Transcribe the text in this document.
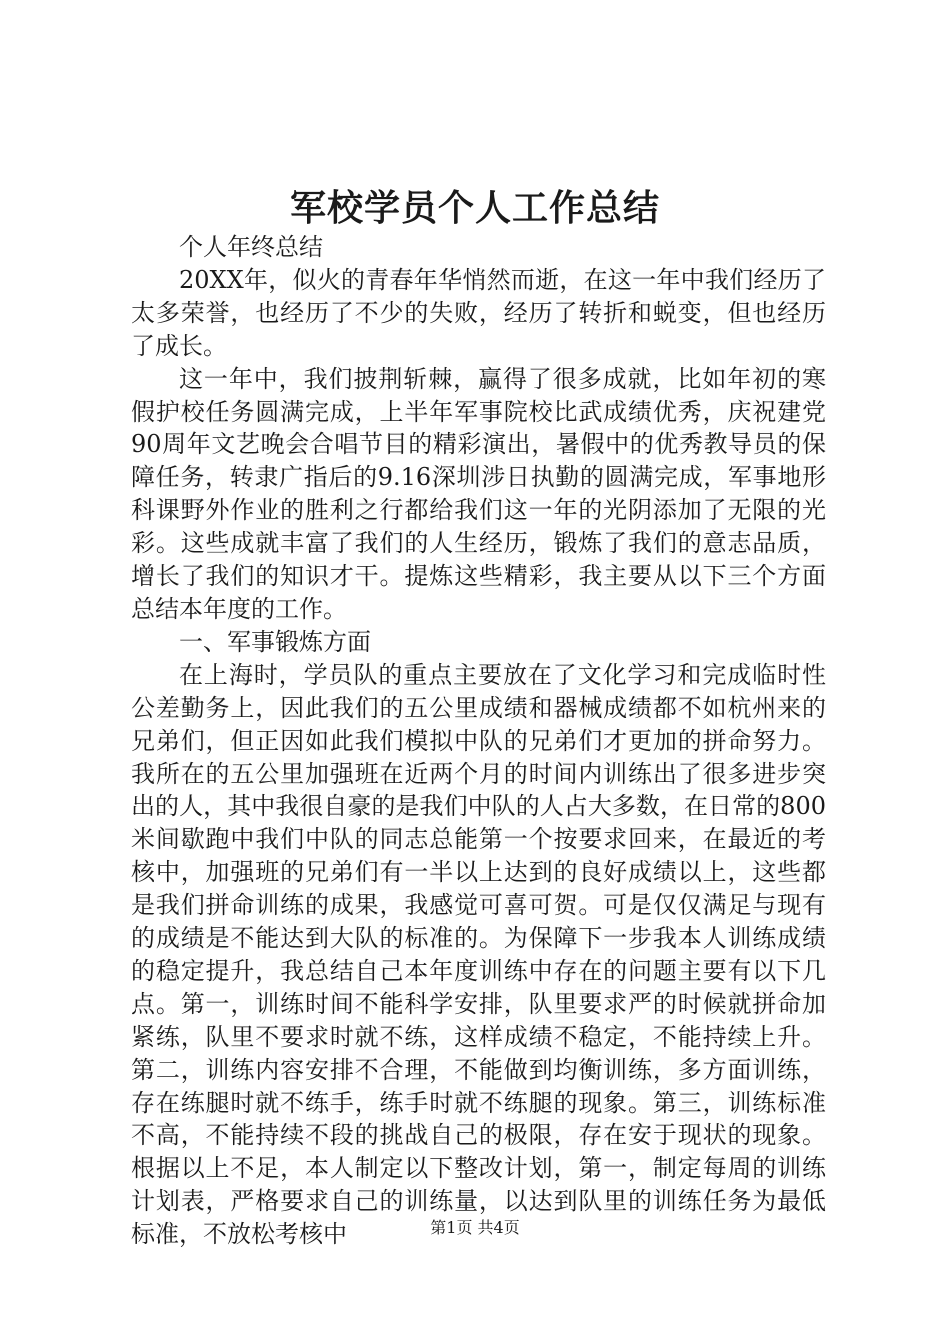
军校学员个人工作总结

个人年终总结

20XX年，似火的青春年华悄然而逝，在这一年中我们经历了太多荣誉，也经历了不少的失败，经历了转折和蜕变，但也经历了成长。

这一年中，我们披荆斩棘，赢得了很多成就，比如年初的寒假护校任务圆满完成，上半年军事院校比武成绩优秀，庆祝建党90周年文艺晚会合唱节目的精彩演出，暑假中的优秀教导员的保障任务，转隶广指后的9.16深圳涉日执勤的圆满完成，军事地形科课野外作业的胜利之行都给我们这一年的光阴添加了无限的光彩。这些成就丰富了我们的人生经历，锻炼了我们的意志品质，增长了我们的知识才干。提炼这些精彩，我主要从以下三个方面总结本年度的工作。

一、军事锻炼方面

在上海时，学员队的重点主要放在了文化学习和完成临时性公差勤务上，因此我们的五公里成绩和器械成绩都不如杭州来的兄弟们，但正因如此我们模拟中队的兄弟们才更加的拼命努力。我所在的五公里加强班在近两个月的时间内训练出了很多进步突出的人，其中我很自豪的是我们中队的人占大多数，在日常的800米间歇跑中我们中队的同志总能第一个按要求回来，在最近的考核中，加强班的兄弟们有一半以上达到的良好成绩以上，这些都是我们拼命训练的成果，我感觉可喜可贺。可是仅仅满足与现有的成绩是不能达到大队的标准的。为保障下一步我本人训练成绩的稳定提升，我总结自己本年度训练中存在的问题主要有以下几点。第一，训练时间不能科学安排，队里要求严的时候就拼命加紧练，队里不要求时就不练，这样成绩不稳定，不能持续上升。第二，训练内容安排不合理，不能做到均衡训练，多方面训练，存在练腿时就不练手，练手时就不练腿的现象。第三，训练标准不高，不能持续不段的挑战自己的极限，存在安于现状的现象。根据以上不足，本人制定以下整改计划，第一，制定每周的训练计划表，严格要求自己的训练量，以达到队里的训练任务为最低标准，不放松考核中	第1页 共4页
